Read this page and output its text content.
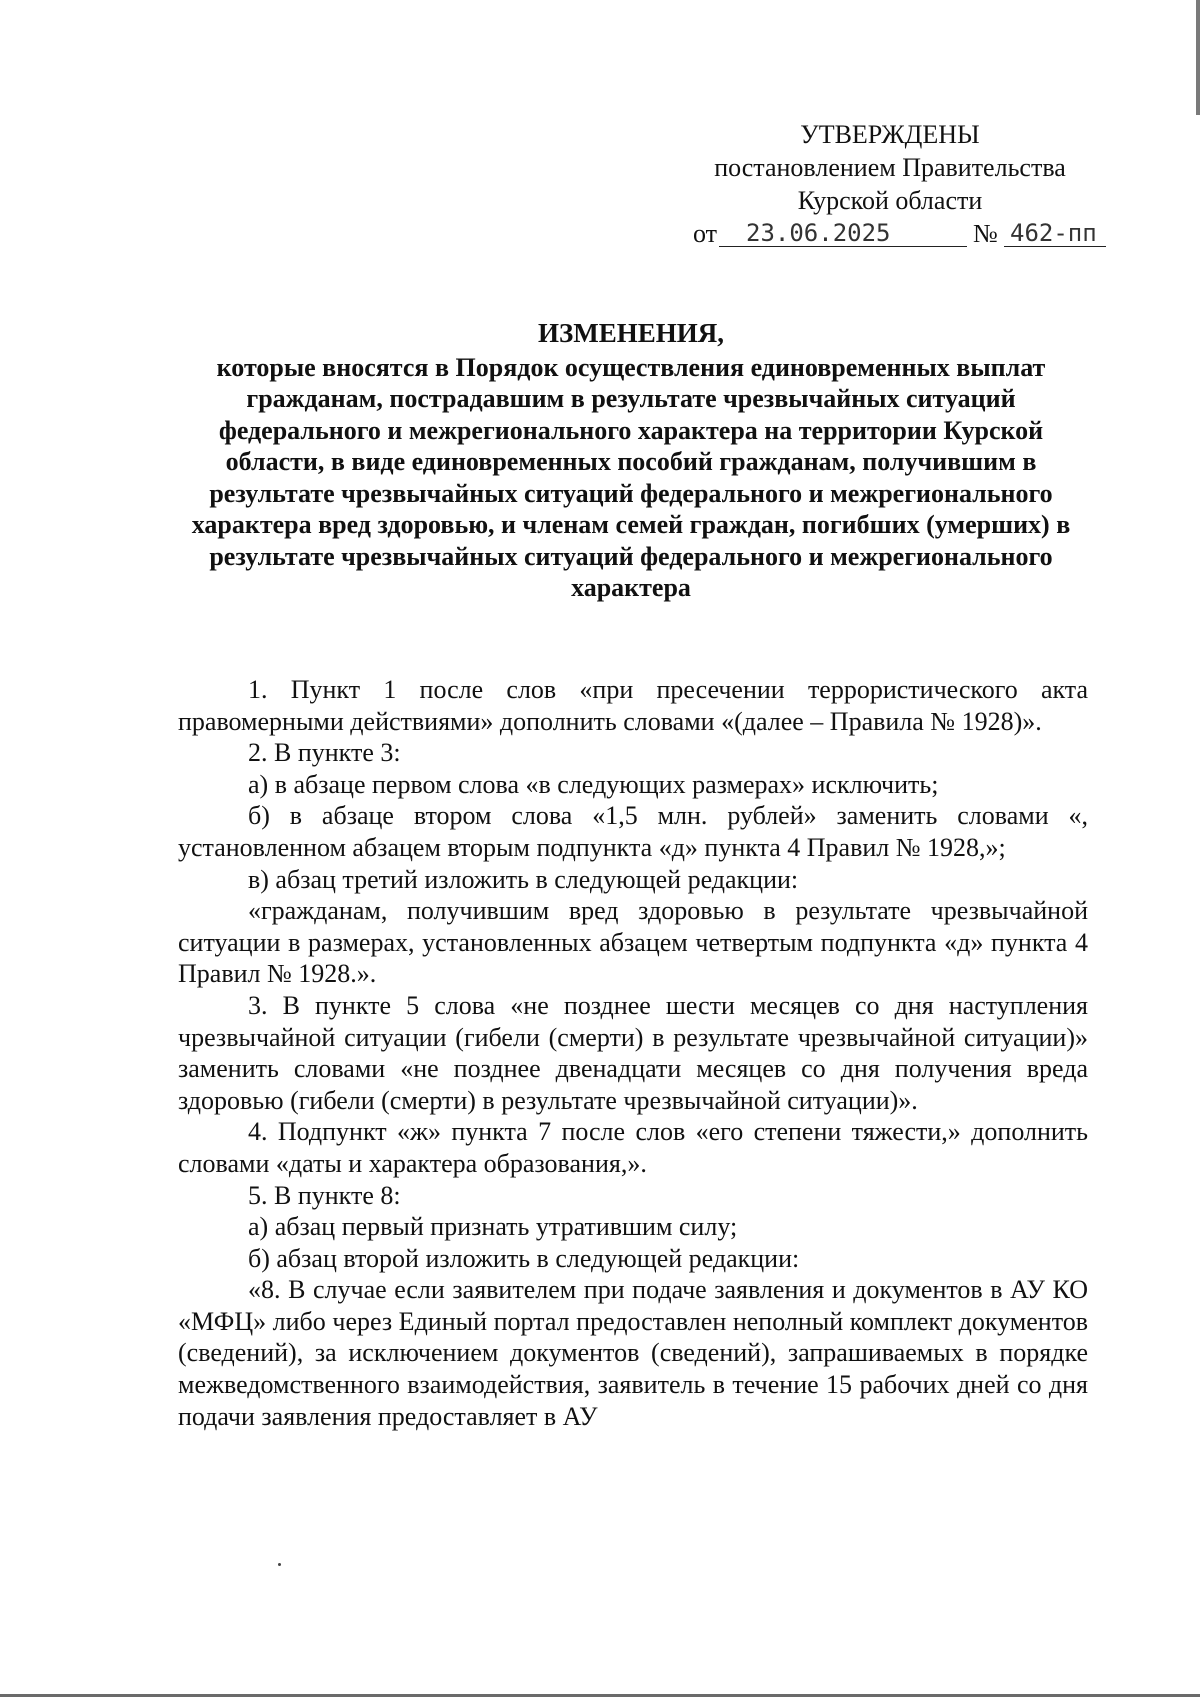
УТВЕРЖДЕНЫ
постановлением Правительства
Курской области
от	23.06.2025	№ 462-пп
ИЗМЕНЕНИЯ,
которые вносятся в Порядок осуществления единовременных выплат гражданам, пострадавшим в результате чрезвычайных ситуаций федерального и межрегионального характера на территории Курской области, в виде единовременных пособий гражданам, получившим в результате чрезвычайных ситуаций федерального и межрегионального характера вред здоровью, и членам семей граждан, погибших (умерших) в результате чрезвычайных ситуаций федерального и межрегионального характера

1. Пункт 1 после слов «при пресечении террористического акта правомерными действиями» дополнить словами «(далее – Правила № 1928)».

2. В пункте 3:

а) в абзаце первом слова «в следующих размерах» исключить;

б) в абзаце втором слова «1,5 млн. рублей» заменить словами «, установленном абзацем вторым подпункта «д» пункта 4 Правил № 1928,»;

в) абзац третий изложить в следующей редакции:

«гражданам, получившим вред здоровью в результате чрезвычайной ситуации в размерах, установленных абзацем четвертым подпункта «д» пункта 4 Правил № 1928.».

3. В пункте 5 слова «не позднее шести месяцев со дня наступления чрезвычайной ситуации (гибели (смерти) в результате чрезвычайной ситуации)» заменить словами «не позднее двенадцати месяцев со дня получения вреда здоровью (гибели (смерти) в результате чрезвычайной ситуации)».

4. Подпункт «ж» пункта 7 после слов «его степени тяжести,» дополнить словами «даты и характера образования,».

5. В пункте 8:

а) абзац первый признать утратившим силу;

б) абзац второй изложить в следующей редакции:

«8. В случае если заявителем при подаче заявления и документов в АУ КО «МФЦ» либо через Единый портал предоставлен неполный комплект документов (сведений), за исключением документов (сведений), запрашиваемых в порядке межведомственного взаимодействия, заявитель в течение 15 рабочих дней со дня подачи заявления предоставляет в АУ
